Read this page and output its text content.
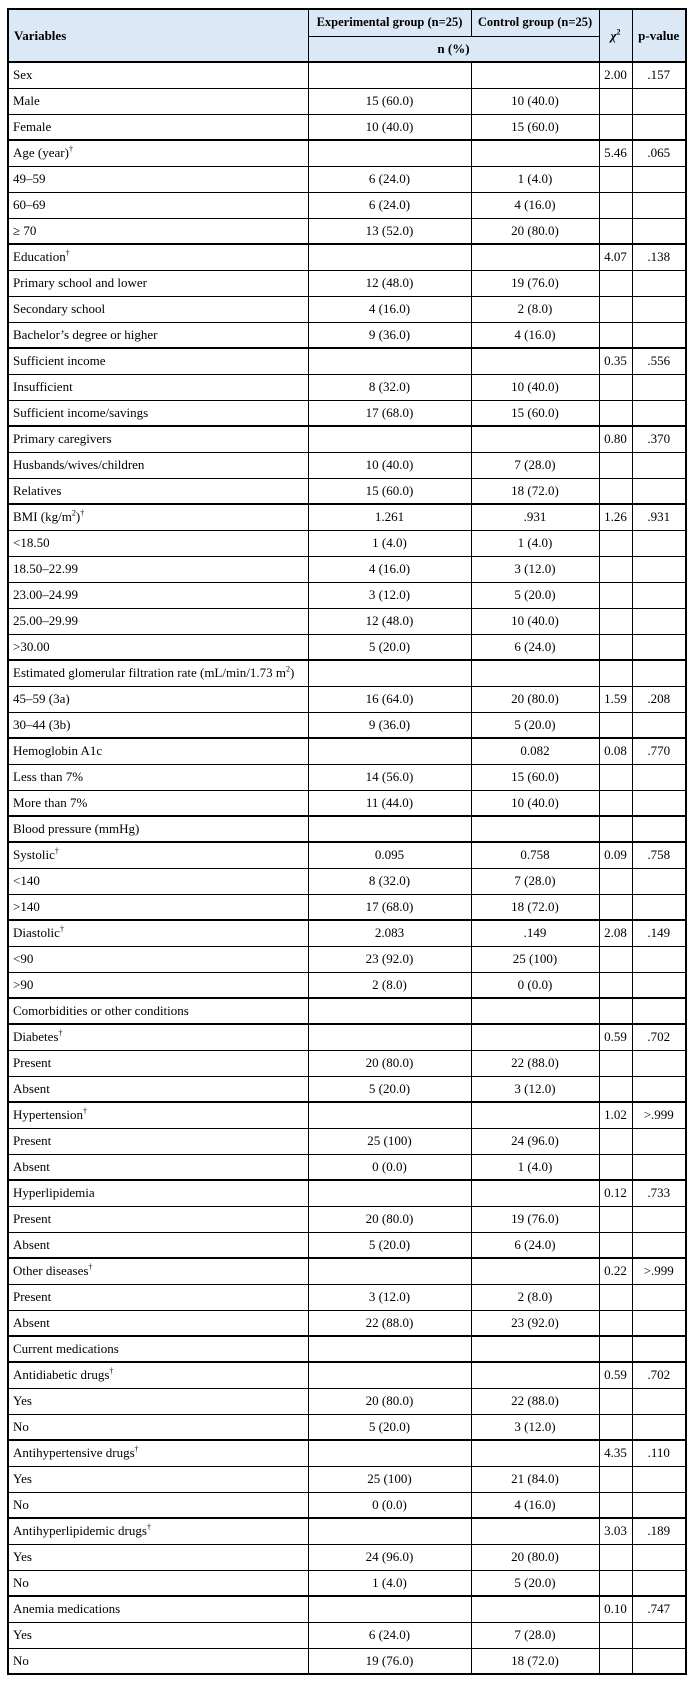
Variables	Experimental group (n=25)	Control group (n=25)	$\chi^2$	p-value
	n (%)			
Sex			2.00	.157
Male	15 (60.0)	10 (40.0)		
Female	10 (40.0)	15 (60.0)		
Age (year)†			5.46	.065
49–59	6 (24.0)	1 (4.0)		
60–69	6 (24.0)	4 (16.0)		
≥ 70	13 (52.0)	20 (80.0)		
Education†			4.07	.138
Primary school and lower	12 (48.0)	19 (76.0)		
Secondary school	4 (16.0)	2 (8.0)		
Bachelor’s degree or higher	9 (36.0)	4 (16.0)		
Sufficient income			0.35	.556
Insufficient	8 (32.0)	10 (40.0)		
Sufficient income/savings	17 (68.0)	15 (60.0)		
Primary caregivers			0.80	.370
Husbands/wives/children	10 (40.0)	7 (28.0)		
Relatives	15 (60.0)	18 (72.0)		
BMI $(kg/m^2)^\dagger$	1.261	.931	1.26	.931
<18.50	1 (4.0)	1 (4.0)		
18.50–22.99	4 (16.0)	3 (12.0)		
23.00–24.99	3 (12.0)	5 (20.0)		
25.00–29.99	12 (48.0)	10 (40.0)		
>30.00	5 (20.0)	6 (24.0)		
Estimated glomerular filtration rate (mL/min/1.73 $m^2$)				
45–59 (3a)	16 (64.0)	20 (80.0)	1.59	.208
30–44 (3b)	9 (36.0)	5 (20.0)		
Hemoglobin A1c		0.082	0.08	.770
Less than 7%	14 (56.0)	15 (60.0)		
More than 7%	11 (44.0)	10 (40.0)		
Blood pressure (mmHg)				
Systolic†	0.095	0.758	0.09	.758
<140	8 (32.0)	7 (28.0)		
>140	17 (68.0)	18 (72.0)		
Diastolic†	2.083	.149	2.08	.149
<90	23 (92.0)	25 (100)		
>90	2 (8.0)	0 (0.0)		
Comorbidities or other conditions				
Diabetes†			0.59	.702
Present	20 (80.0)	22 (88.0)		
Absent	5 (20.0)	3 (12.0)		
Hypertension†			1.02	>.999
Present	25 (100)	24 (96.0)		
Absent	0 (0.0)	1 (4.0)		
Hyperlipidemia			0.12	.733
Present	20 (80.0)	19 (76.0)		
Absent	5 (20.0)	6 (24.0)		
Other diseases†			0.22	>.999
Present	3 (12.0)	2 (8.0)		
Absent	22 (88.0)	23 (92.0)		
Current medications				
Antidiabetic drugs†			0.59	.702
Yes	20 (80.0)	22 (88.0)		
No	5 (20.0)	3 (12.0)		
Antihypertensive drugs†			4.35	.110
Yes	25 (100)	21 (84.0)		
No	0 (0.0)	4 (16.0)		
Antihyperlipidemic drugs†			3.03	.189
Yes	24 (96.0)	20 (80.0)		
No	1 (4.0)	5 (20.0)		
Anemia medications			0.10	.747
Yes	6 (24.0)	7 (28.0)		
No	19 (76.0)	18 (72.0)		
